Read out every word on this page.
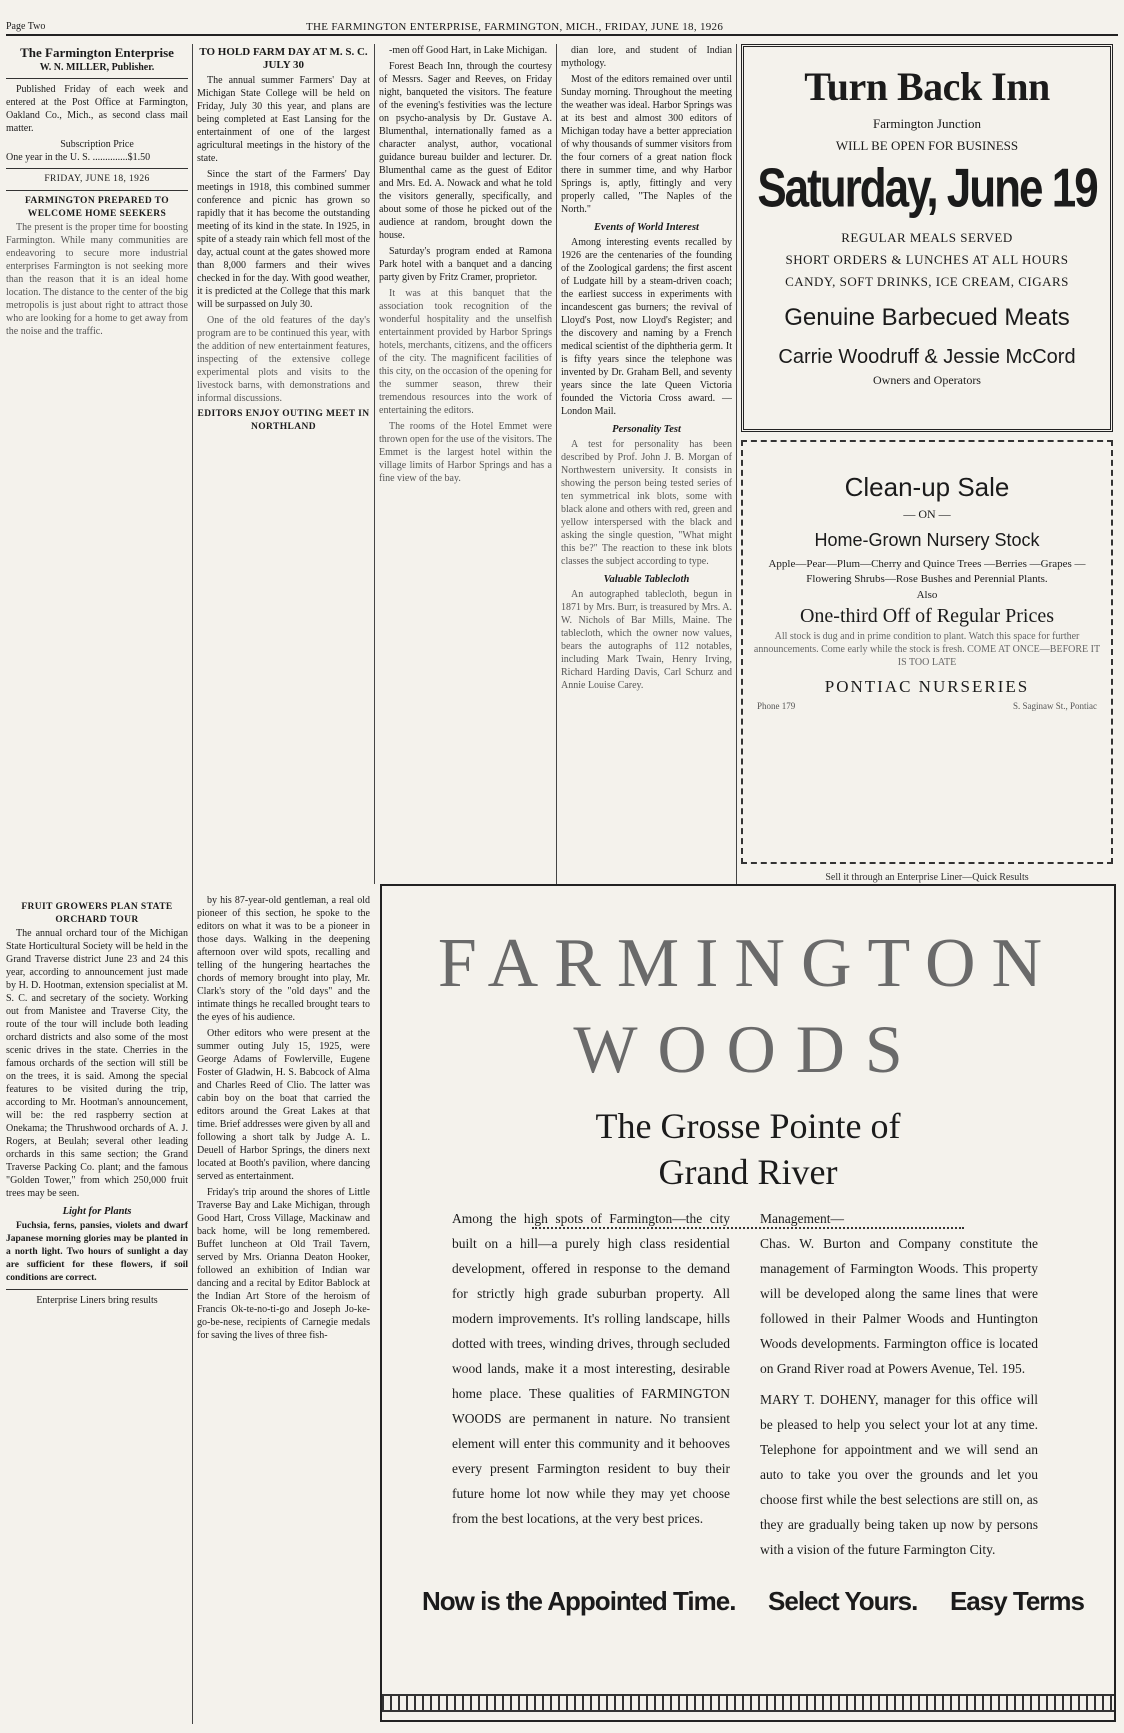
Page Two	THE FARMINGTON ENTERPRISE, FARMINGTON, MICH., FRIDAY, JUNE 18, 1926
The Farmington Enterprise
W. N. MILLER, Publisher.

Published Friday of each week and entered at the Post Office at Farmington, Oakland Co., Mich., as second class mail matter.

Subscription Price
One year in the U. S. ..............$1.50
FRIDAY, JUNE 18, 1926
FARMINGTON PREPARED TO WELCOME HOME SEEKERS

The present is the proper time for boosting Farmington. While many communities are endeavoring to secure more industrial enterprises Farmington is not seeking more than the reason that it is an ideal home location. The distance to the center of the big metropolis is just about right to attract those who are looking for a home to get away from the noise and the traffic.

FRUIT GROWERS PLAN STATE ORCHARD TOUR

The annual orchard tour of the Michigan State Horticultural Society will be held in the Grand Traverse district June 23 and 24 this year, according to announcement just made by H. D. Hootman, extension specialist at M. S. C. and secretary of the society. Working out from Manistee and Traverse City, the route of the tour will include both leading orchard districts and also some of the most scenic drives in the state. Cherries in the famous orchards of the section will still be on the trees, it is said. Among the special features to be visited during the trip, according to Mr. Hootman's announcement, will be: the red raspberry section at Onekama; the Thrushwood orchards of A. J. Rogers, at Beulah; several other leading orchards in this same section; the Grand Traverse Packing Co. plant; and the famous "Golden Tower," from which 250,000 fruit trees may be seen.

Light for Plants

Fuchsia, ferns, pansies, violets and dwarf Japanese morning glories may be planted in a north light. Two hours of sunlight a day are sufficient for these flowers, if soil conditions are correct.

Enterprise Liners bring results
TO HOLD FARM DAY AT M. S. C. JULY 30

The annual summer Farmers' Day at Michigan State College will be held on Friday, July 30 this year, and plans are being completed at East Lansing for the entertainment of one of the largest agricultural meetings in the history of the state.

Since the start of the Farmers' Day meetings in 1918, this combined summer conference and picnic has grown so rapidly that it has become the outstanding meeting of its kind in the state. In 1925, in spite of a steady rain which fell most of the day, actual count at the gates showed more than 8,000 farmers and their wives checked in for the day. With good weather, it is predicted at the College that this mark will be surpassed on July 30.

One of the old features of the day's program are to be continued this year, with the addition of new entertainment features, inspecting of the extensive college experimental plots and visits to the livestock barns, with demonstrations and informal discussions.

EDITORS ENJOY OUTING MEET IN NORTHLAND

by his 87-year-old gentleman, a real old pioneer of this section, he spoke to the editors on what it was to be a pioneer in those days. Walking in the deepening afternoon over wild spots, recalling and telling of the hungering heartaches the chords of memory brought into play, Mr. Clark's story of the "old days" and the intimate things he recalled brought tears to the eyes of his audience.

Other editors who were present at the summer outing July 15, 1925, were George Adams of Fowlerville, Eugene Foster of Gladwin, H. S. Babcock of Alma and Charles Reed of Clio. The latter was cabin boy on the boat that carried the editors around the Great Lakes at that time. Brief addresses were given by all and following a short talk by Judge A. L. Deuell of Harbor Springs, the diners next located at Booth's pavilion, where dancing served as entertainment.

Friday's trip around the shores of Little Traverse Bay and Lake Michigan, through Good Hart, Cross Village, Mackinaw and back home, will be long remembered. Buffet luncheon at Old Trail Tavern, served by Mrs. Orianna Deaton Hooker, followed an exhibition of Indian war dancing and a recital by Editor Bablock at the Indian Art Store of the heroism of Francis Ok-te-no-ti-go and Joseph Jo-ke-go-be-nese, recipients of Carnegie medals for saving the lives of three fish-

-men off Good Hart, in Lake Michigan.

Forest Beach Inn, through the courtesy of Messrs. Sager and Reeves, on Friday night, banqueted the visitors. The feature of the evening's festivities was the lecture on psycho-analysis by Dr. Gustave A. Blumenthal, internationally famed as a character analyst, author, vocational guidance bureau builder and lecturer. Dr. Blumenthal came as the guest of Editor and Mrs. Ed. A. Nowack and what he told the visitors generally, specifically, and about some of those he picked out of the audience at random, brought down the house.

Saturday's program ended at Ramona Park hotel with a banquet and a dancing party given by Fritz Cramer, proprietor.

It was at this banquet that the association took recognition of the wonderful hospitality and the unselfish entertainment provided by Harbor Springs hotels, merchants, citizens, and the officers of the city. The magnificent facilities of this city, on the occasion of the opening for the summer season, threw their tremendous resources into the work of entertaining the editors.

The rooms of the Hotel Emmet were thrown open for the use of the visitors. The Emmet is the largest hotel within the village limits of Harbor Springs and has a fine view of the bay.

dian lore, and student of Indian mythology.

Most of the editors remained over until Sunday morning. Throughout the meeting the weather was ideal. Harbor Springs was at its best and almost 300 editors of Michigan today have a better appreciation of why thousands of summer visitors from the four corners of a great nation flock there in summer time, and why Harbor Springs is, aptly, fittingly and very properly called, "The Naples of the North."

Events of World Interest

Among interesting events recalled by 1926 are the centenaries of the founding of the Zoological gardens; the first ascent of Ludgate hill by a steam-driven coach; the earliest success in experiments with incandescent gas burners; the revival of Lloyd's Post, now Lloyd's Register; and the discovery and naming by a French medical scientist of the diphtheria germ. It is fifty years since the telephone was invented by Dr. Graham Bell, and seventy years since the late Queen Victoria founded the Victoria Cross award. —London Mail.

Personality Test

A test for personality has been described by Prof. John J. B. Morgan of Northwestern university. It consists in showing the person being tested series of ten symmetrical ink blots, some with black alone and others with red, green and yellow interspersed with the black and asking the single question, "What might this be?" The reaction to these ink blots classes the subject according to type.

Valuable Tablecloth

An autographed tablecloth, begun in 1871 by Mrs. Burr, is treasured by Mrs. A. W. Nichols of Bar Mills, Maine. The tablecloth, which the owner now values, bears the autographs of 112 notables, including Mark Twain, Henry Irving, Richard Harding Davis, Carl Schurz and Annie Louise Carey.

Turn Back Inn
Farmington Junction
WILL BE OPEN FOR BUSINESS
Saturday, June 19
REGULAR MEALS SERVED
SHORT ORDERS & LUNCHES AT ALL HOURS
CANDY, SOFT DRINKS, ICE CREAM, CIGARS
Genuine Barbecued Meats
Carrie Woodruff & Jessie McCord
Owners and Operators
Clean-up Sale
— ON —
Home-Grown Nursery Stock
Apple—Pear—Plum—Cherry and Quince Trees —Berries —Grapes — Flowering Shrubs—Rose Bushes and Perennial Plants.
Also
One-third Off of Regular Prices
All stock is dug and in prime condition to plant. Watch this space for further announcements. Come early while the stock is fresh. COME AT ONCE—BEFORE IT IS TOO LATE
PONTIAC NURSERIES
Phone 179	S. Saginaw St., Pontiac
Sell it through an Enterprise Liner—Quick Results
FARMINGTON
WOODS
The Grosse Pointe of
Grand River

Among the high spots of Farmington—the city built on a hill—a purely high class residential development, offered in response to the demand for strictly high grade suburban property. All modern improvements. It's rolling landscape, hills dotted with trees, winding drives, through secluded wood lands, make it a most interesting, desirable home place. These qualities of FARMINGTON WOODS are permanent in nature. No transient element will enter this community and it behooves every present Farmington resident to buy their future home lot now while they may yet choose from the best locations, at the very best prices.

Management—

Chas. W. Burton and Company constitute the management of Farmington Woods. This property will be developed along the same lines that were followed in their Palmer Woods and Huntington Woods developments. Farmington office is located on Grand River road at Powers Avenue, Tel. 195.

MARY T. DOHENY, manager for this office will be pleased to help you select your lot at any time. Telephone for appointment and we will send an auto to take you over the grounds and let you choose first while the best selections are still on, as they are gradually being taken up now by persons with a vision of the future Farmington City.

Now is the Appointed Time. Select Yours. Easy Terms
